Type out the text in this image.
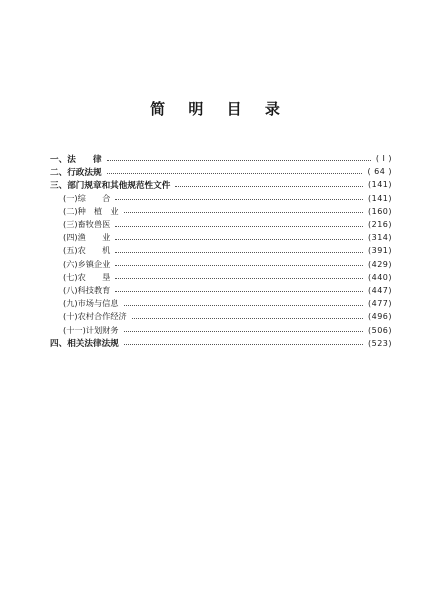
简 明 目 录
一、法　　律	( Ⅰ )
二、行政法规	( 64 )
三、部门规章和其他规范性文件	(141)
(一)综　　合	(141)
(二)种　植　业	(160)
(三)畜牧兽医	(216)
(四)渔　　业	(314)
(五)农　　机	(391)
(六)乡镇企业	(429)
(七)农　　垦	(440)
(八)科技教育	(447)
(九)市场与信息	(477)
(十)农村合作经济	(496)
(十一)计划财务	(506)
四、相关法律法规	(523)
